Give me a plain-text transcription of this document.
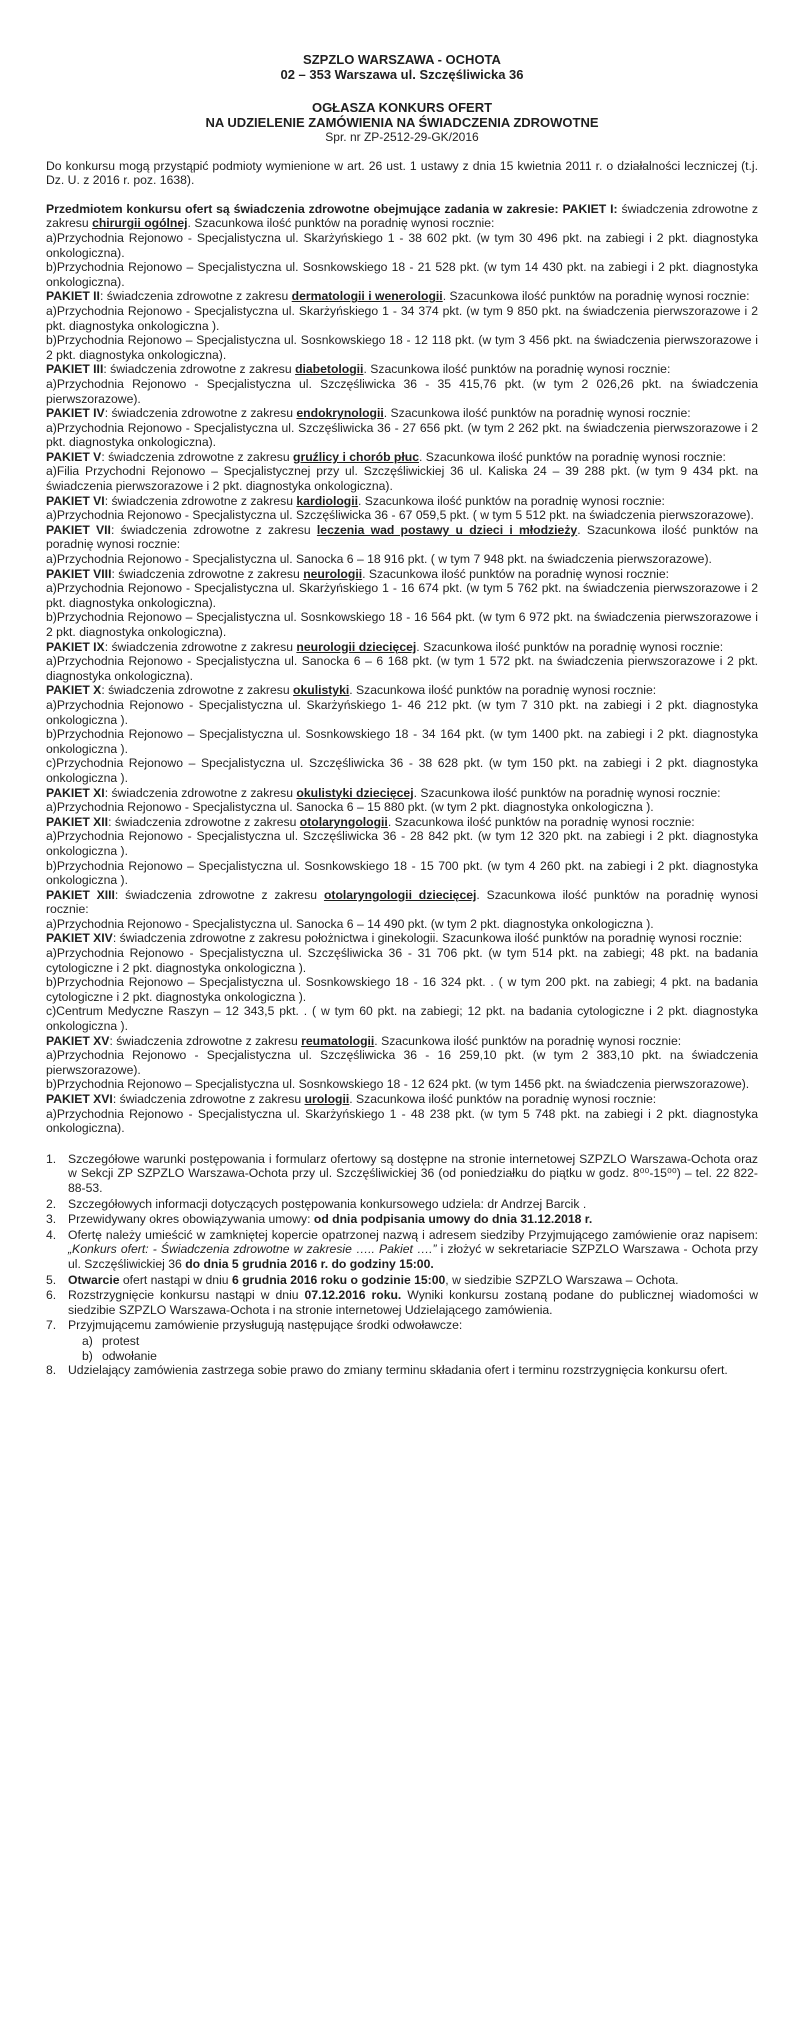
SZPZLO WARSZAWA - OCHOTA
02 – 353 Warszawa ul. Szczęśliwicka 36
OGŁASZA KONKURS OFERT
NA UDZIELENIE ZAMÓWIENIA NA ŚWIADCZENIA ZDROWOTNE
Spr. nr ZP-2512-29-GK/2016

Do konkursu mogą przystąpić podmioty wymienione w art. 26 ust. 1 ustawy z dnia 15 kwietnia 2011 r. o działalności leczniczej (t.j. Dz. U. z 2016 r. poz. 1638).

Przedmiotem konkursu ofert są świadczenia zdrowotne obejmujące zadania w zakresie: PAKIET I: świadczenia zdrowotne z zakresu chirurgii ogólnej. Szacunkowa ilość punktów na poradnię wynosi rocznie:

a)Przychodnia Rejonowo - Specjalistyczna ul. Skarżyńskiego 1 - 38 602 pkt. (w tym 30 496 pkt. na zabiegi i 2 pkt. diagnostyka onkologiczna).
b)Przychodnia Rejonowo – Specjalistyczna ul. Sosnkowskiego 18 - 21 528 pkt. (w tym 14 430 pkt. na zabiegi i 2 pkt. diagnostyka onkologiczna).

PAKIET II: świadczenia zdrowotne z zakresu dermatologii i wenerologii. Szacunkowa ilość punktów na poradnię wynosi rocznie:

a)Przychodnia Rejonowo - Specjalistyczna ul. Skarżyńskiego 1 - 34 374 pkt. (w tym 9 850 pkt. na świadczenia pierwszorazowe i 2 pkt. diagnostyka onkologiczna ).
b)Przychodnia Rejonowo – Specjalistyczna ul. Sosnkowskiego 18 - 12 118 pkt. (w tym 3 456 pkt. na świadczenia pierwszorazowe i 2 pkt. diagnostyka onkologiczna).

PAKIET III: świadczenia zdrowotne z zakresu diabetologii. Szacunkowa ilość punktów na poradnię wynosi rocznie:

a)Przychodnia Rejonowo - Specjalistyczna ul. Szczęśliwicka 36 - 35 415,76 pkt. (w tym 2 026,26 pkt. na świadczenia pierwszorazowe).

PAKIET IV: świadczenia zdrowotne z zakresu endokrynologii. Szacunkowa ilość punktów na poradnię wynosi rocznie:

a)Przychodnia Rejonowo - Specjalistyczna ul. Szczęśliwicka 36 - 27 656 pkt. (w tym 2 262 pkt. na świadczenia pierwszorazowe i 2 pkt. diagnostyka onkologiczna).

PAKIET V: świadczenia zdrowotne z zakresu gruźlicy i chorób płuc. Szacunkowa ilość punktów na poradnię wynosi rocznie:

a)Filia Przychodni Rejonowo – Specjalistycznej przy ul. Szczęśliwickiej 36 ul. Kaliska 24 – 39 288 pkt. (w tym 9 434 pkt. na świadczenia pierwszorazowe i 2 pkt. diagnostyka onkologiczna).

PAKIET VI: świadczenia zdrowotne z zakresu kardiologii. Szacunkowa ilość punktów na poradnię wynosi rocznie:

a)Przychodnia Rejonowo - Specjalistyczna ul. Szczęśliwicka 36 - 67 059,5 pkt. ( w tym 5 512 pkt. na świadczenia pierwszorazowe).

PAKIET VII: świadczenia zdrowotne z zakresu leczenia wad postawy u dzieci i młodzieży. Szacunkowa ilość punktów na poradnię wynosi rocznie:

a)Przychodnia Rejonowo - Specjalistyczna ul. Sanocka 6 – 18 916 pkt. ( w tym 7 948 pkt. na świadczenia pierwszorazowe).

PAKIET VIII: świadczenia zdrowotne z zakresu neurologii. Szacunkowa ilość punktów na poradnię wynosi rocznie:

a)Przychodnia Rejonowo - Specjalistyczna ul. Skarżyńskiego 1 - 16 674 pkt. (w tym 5 762 pkt. na świadczenia pierwszorazowe i 2 pkt. diagnostyka onkologiczna).
b)Przychodnia Rejonowo – Specjalistyczna ul. Sosnkowskiego 18 - 16 564 pkt. (w tym 6 972 pkt. na świadczenia pierwszorazowe i 2 pkt. diagnostyka onkologiczna).

PAKIET IX: świadczenia zdrowotne z zakresu neurologii dziecięcej. Szacunkowa ilość punktów na poradnię wynosi rocznie:

a)Przychodnia Rejonowo - Specjalistyczna ul. Sanocka 6 – 6 168 pkt. (w tym 1 572 pkt. na świadczenia pierwszorazowe i 2 pkt. diagnostyka onkologiczna).

PAKIET X: świadczenia zdrowotne z zakresu okulistyki. Szacunkowa ilość punktów na poradnię wynosi rocznie:

a)Przychodnia Rejonowo - Specjalistyczna ul. Skarżyńskiego 1- 46 212 pkt. (w tym 7 310 pkt. na zabiegi i 2 pkt. diagnostyka onkologiczna ).
b)Przychodnia Rejonowo – Specjalistyczna ul. Sosnkowskiego 18 - 34 164 pkt. (w tym 1400 pkt. na zabiegi i 2 pkt. diagnostyka onkologiczna ).
c)Przychodnia Rejonowo – Specjalistyczna ul. Szczęśliwicka 36 - 38 628 pkt. (w tym 150 pkt. na zabiegi i 2 pkt. diagnostyka onkologiczna ).

PAKIET XI: świadczenia zdrowotne z zakresu okulistyki dziecięcej. Szacunkowa ilość punktów na poradnię wynosi rocznie:

a)Przychodnia Rejonowo - Specjalistyczna ul. Sanocka 6 – 15 880 pkt. (w tym 2 pkt. diagnostyka onkologiczna ).

PAKIET XII: świadczenia zdrowotne z zakresu otolaryngologii. Szacunkowa ilość punktów na poradnię wynosi rocznie:

a)Przychodnia Rejonowo - Specjalistyczna ul. Szczęśliwicka 36 - 28 842 pkt. (w tym 12 320 pkt. na zabiegi i 2 pkt. diagnostyka onkologiczna ).
b)Przychodnia Rejonowo – Specjalistyczna ul. Sosnkowskiego 18 - 15 700 pkt. (w tym 4 260 pkt. na zabiegi i 2 pkt. diagnostyka onkologiczna ).

PAKIET XIII: świadczenia zdrowotne z zakresu otolaryngologii dziecięcej. Szacunkowa ilość punktów na poradnię wynosi rocznie:

a)Przychodnia Rejonowo - Specjalistyczna ul. Sanocka 6 – 14 490 pkt. (w tym 2 pkt. diagnostyka onkologiczna ).

PAKIET XIV: świadczenia zdrowotne z zakresu położnictwa i ginekologii. Szacunkowa ilość punktów na poradnię wynosi rocznie:

a)Przychodnia Rejonowo - Specjalistyczna ul. Szczęśliwicka 36 - 31 706 pkt. (w tym 514 pkt. na zabiegi; 48 pkt. na badania cytologiczne i 2 pkt. diagnostyka onkologiczna ).
b)Przychodnia Rejonowo – Specjalistyczna ul. Sosnkowskiego 18 - 16 324 pkt. . ( w tym 200 pkt. na zabiegi; 4 pkt. na badania cytologiczne i 2 pkt. diagnostyka onkologiczna ).
c)Centrum Medyczne Raszyn – 12 343,5 pkt. . ( w tym 60 pkt. na zabiegi; 12 pkt. na badania cytologiczne i 2 pkt. diagnostyka onkologiczna ).

PAKIET XV: świadczenia zdrowotne z zakresu reumatologii. Szacunkowa ilość punktów na poradnię wynosi rocznie:

a)Przychodnia Rejonowo - Specjalistyczna ul. Szczęśliwicka 36 - 16 259,10 pkt. (w tym 2 383,10 pkt. na świadczenia pierwszorazowe).
b)Przychodnia Rejonowo – Specjalistyczna ul. Sosnkowskiego 18 - 12 624 pkt. (w tym 1456 pkt. na świadczenia pierwszorazowe).

PAKIET XVI: świadczenia zdrowotne z zakresu urologii. Szacunkowa ilość punktów na poradnię wynosi rocznie:

a)Przychodnia Rejonowo - Specjalistyczna ul. Skarżyńskiego 1 - 48 238 pkt. (w tym 5 748 pkt. na zabiegi i 2 pkt. diagnostyka onkologiczna).
1. Szczegółowe warunki postępowania i formularz ofertowy są dostępne na stronie internetowej SZPZLO Warszawa-Ochota oraz w Sekcji ZP SZPZLO Warszawa-Ochota przy ul. Szczęśliwickiej 36 (od poniedziałku do piątku w godz. 8⁰⁰-15⁰⁰) – tel. 22 822-88-53.
2. Szczegółowych informacji dotyczących postępowania konkursowego udziela: dr Andrzej Barcik .
3. Przewidywany okres obowiązywania umowy: od dnia podpisania umowy do dnia 31.12.2018 r.
4. Ofertę należy umieścić w zamkniętej kopercie opatrzonej nazwą i adresem siedziby Przyjmującego zamówienie oraz napisem: „Konkurs ofert: - Świadczenia zdrowotne w zakresie ….. Pakiet ….” i złożyć w sekretariacie SZPZLO Warszawa - Ochota przy ul. Szczęśliwickiej 36 do dnia 5 grudnia 2016 r. do godziny 15:00.
5. Otwarcie ofert nastąpi w dniu 6 grudnia 2016 roku o godzinie 15:00, w siedzibie SZPZLO Warszawa – Ochota.
6. Rozstrzygnięcie konkursu nastąpi w dniu 07.12.2016 roku. Wyniki konkursu zostaną podane do publicznej wiadomości w siedzibie SZPZLO Warszawa-Ochota i na stronie internetowej Udzielającego zamówienia.
7. Przyjmującemu zamówienie przysługują następujące środki odwoławcze:
a) protest
b) odwołanie
8. Udzielający zamówienia zastrzega sobie prawo do zmiany terminu składania ofert i terminu rozstrzygnięcia konkursu ofert.
